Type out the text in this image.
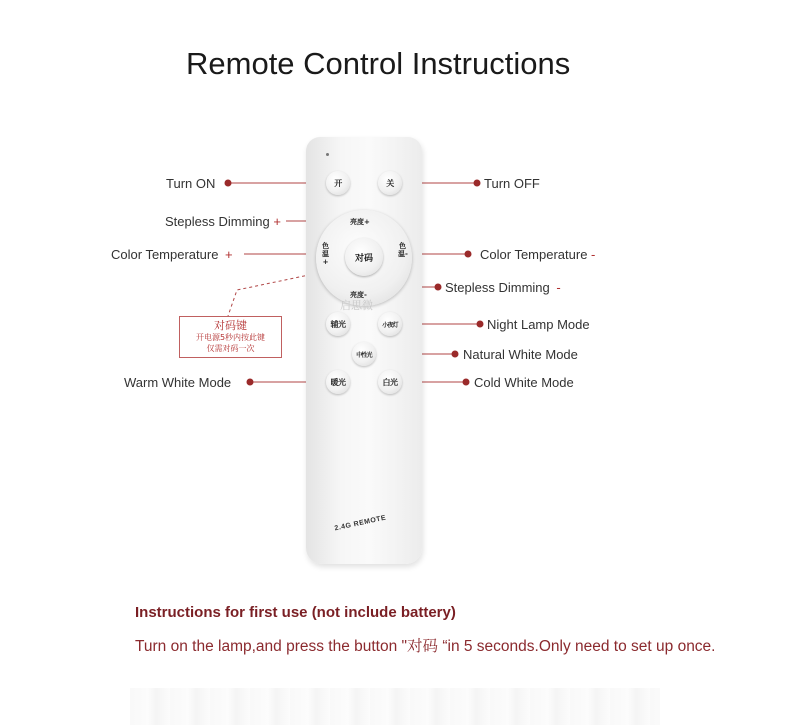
Remote Control Instructions
开	关
亮度+
亮度-
色温+
色温-
对码
启思微
辅光	小夜灯
中性光
暖光	白光
2.4G REMOTE
Turn ON	Turn OFF
Stepless Dimming +
Color Temperature +	Color Temperature -
Stepless Dimming -
Night Lamp Mode
Natural White Mode
Warm White Mode	Cold White Mode
对码键
开电源5秒内按此键
仅需对码一次
Instructions for first use (not include battery)
Turn on the lamp,and press the button "对码 “in 5 seconds.Only need to set up once.
